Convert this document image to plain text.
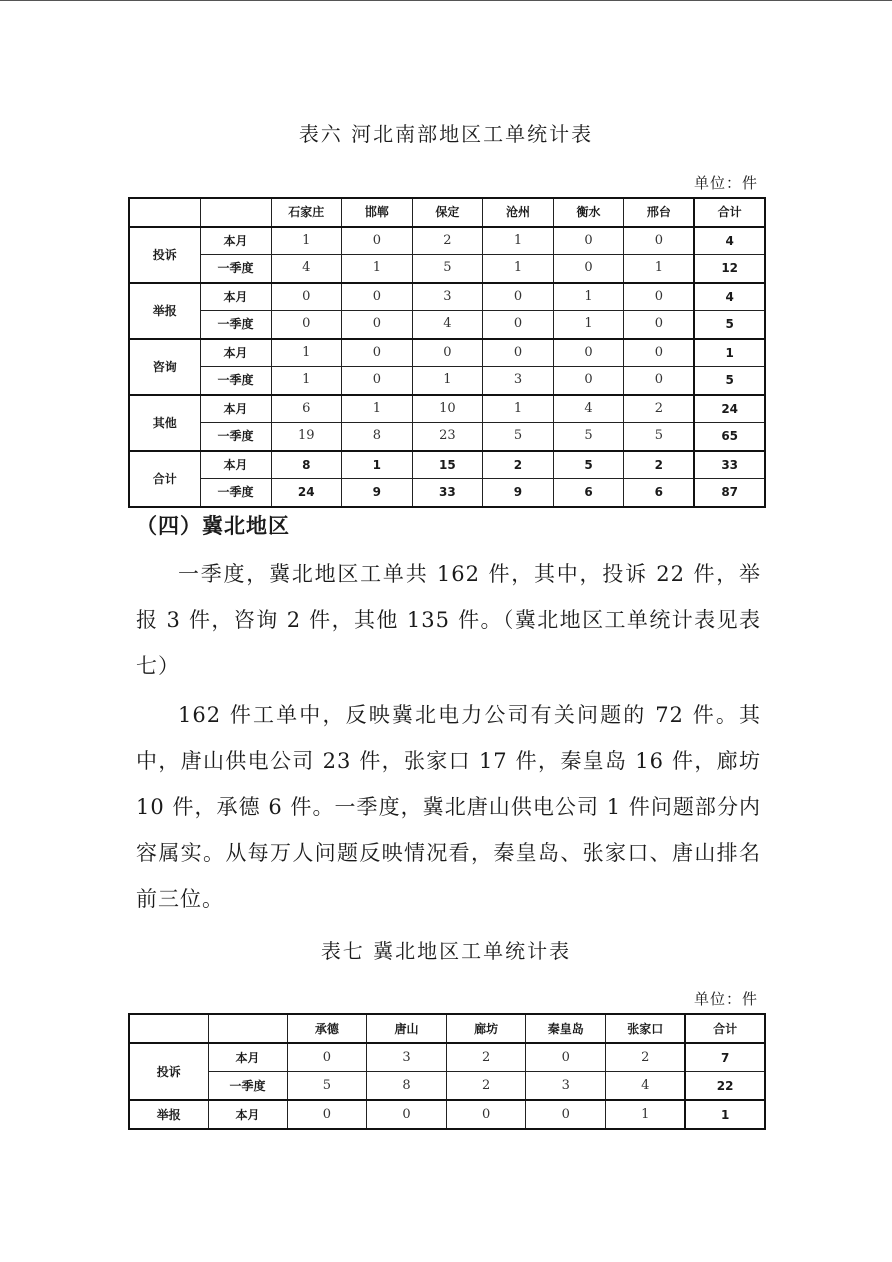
表六 河北南部地区工单统计表
单位：件
		石家庄	邯郸	保定	沧州	衡水	邢台	合计
投诉	本月	1	0	2	1	0	0	4
	一季度	4	1	5	1	0	1	12
举报	本月	0	0	3	0	1	0	4
	一季度	0	0	4	0	1	0	5
咨询	本月	1	0	0	0	0	0	1
	一季度	1	0	1	3	0	0	5
其他	本月	6	1	10	1	4	2	24
	一季度	19	8	23	5	5	5	65
合计	本月	8	1	15	2	5	2	33
	一季度	24	9	33	9	6	6	87
（四）冀北地区
一季度，冀北地区工单共 162 件，其中，投诉 22 件，举报 3 件，咨询 2 件，其他 135 件。（冀北地区工单统计表见表七）
162 件工单中，反映冀北电力公司有关问题的 72 件。其中，唐山供电公司 23 件，张家口 17 件，秦皇岛 16 件，廊坊 10 件，承德 6 件。一季度，冀北唐山供电公司 1 件问题部分内容属实。从每万人问题反映情况看，秦皇岛、张家口、唐山排名前三位。
表七 冀北地区工单统计表
单位：件
		承德	唐山	廊坊	秦皇岛	张家口	合计
投诉	本月	0	3	2	0	2	7
	一季度	5	8	2	3	4	22
举报	本月	0	0	0	0	1	1
